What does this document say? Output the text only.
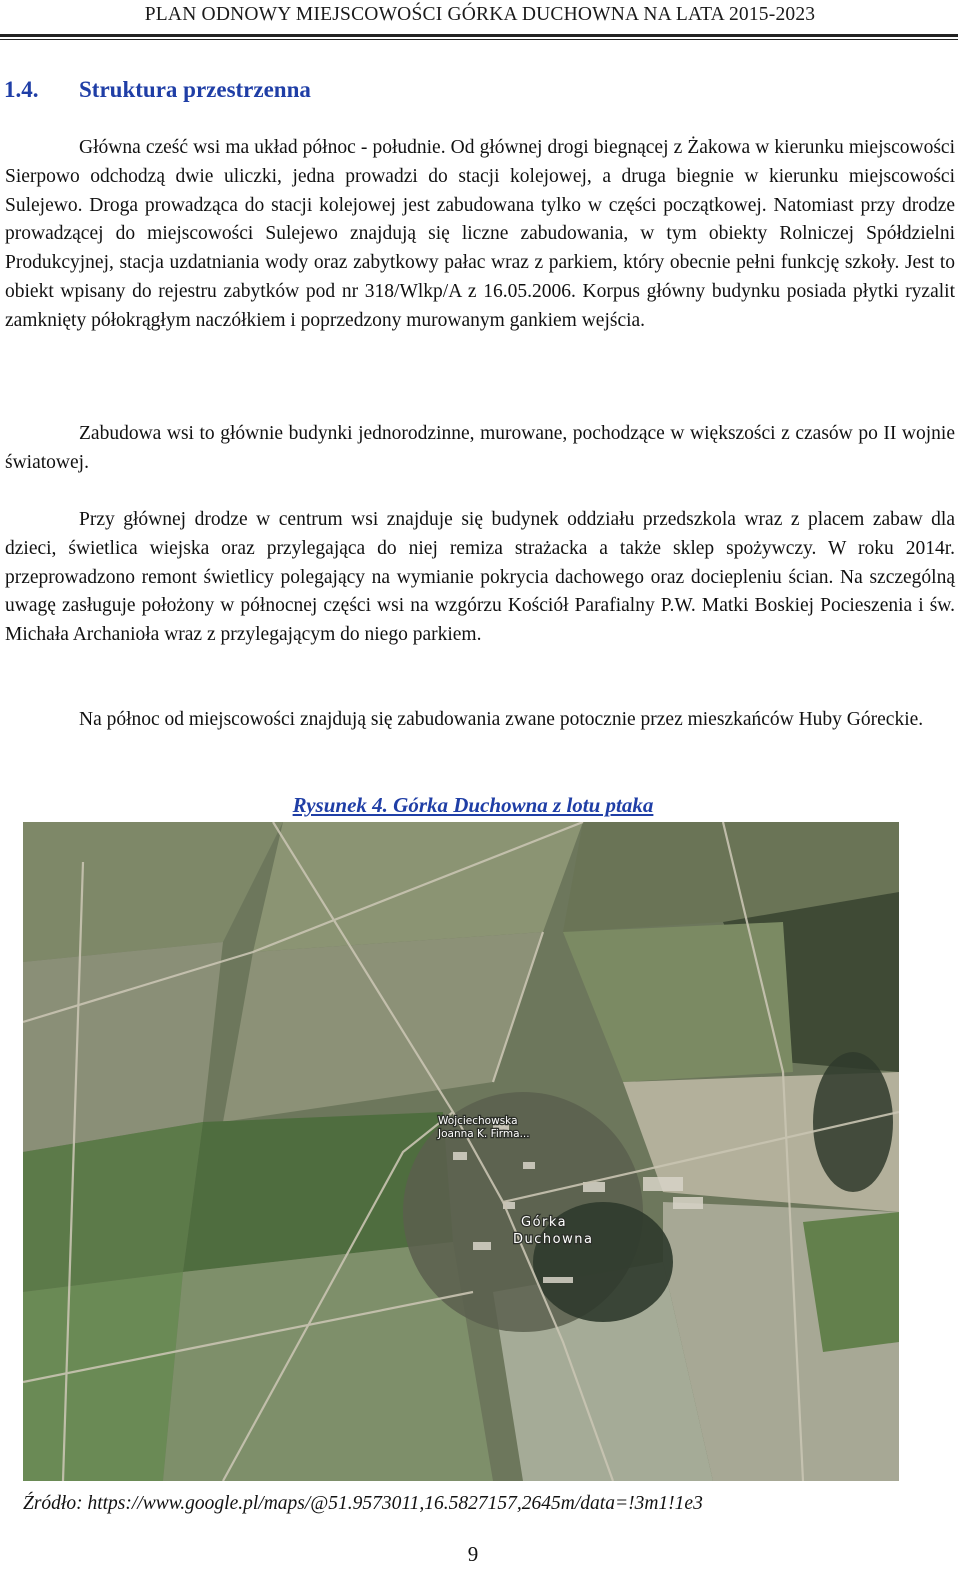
PLAN ODNOWY MIEJSCOWOŚCI GÓRKA DUCHOWNA NA LATA 2015-2023
1.4. Struktura przestrzenna

Główna cześć wsi ma układ północ - południe. Od głównej drogi biegnącej z Żakowa w kierunku miejscowości Sierpowo odchodzą dwie uliczki, jedna prowadzi do stacji kolejowej, a druga biegnie w kierunku miejscowości Sulejewo. Droga prowadząca do stacji kolejowej jest zabudowana tylko w części początkowej. Natomiast przy drodze prowadzącej do miejscowości Sulejewo znajdują się liczne zabudowania, w tym obiekty Rolniczej Spółdzielni Produkcyjnej, stacja uzdatniania wody oraz zabytkowy pałac wraz z parkiem, który obecnie pełni funkcję szkoły. Jest to obiekt wpisany do rejestru zabytków pod nr 318/Wlkp/A z 16.05.2006. Korpus główny budynku posiada płytki ryzalit zamknięty półokrągłym naczółkiem i poprzedzony murowanym gankiem wejścia.

Zabudowa wsi to głównie budynki jednorodzinne, murowane, pochodzące w większości z czasów po II wojnie światowej.

Przy głównej drodze w centrum wsi znajduje się budynek oddziału przedszkola wraz z placem zabaw dla dzieci, świetlica wiejska oraz przylegająca do niej remiza strażacka a także sklep spożywczy. W roku 2014r. przeprowadzono remont świetlicy polegający na wymianie pokrycia dachowego oraz dociepleniu ścian. Na szczególną uwagę zasługuje położony w północnej części wsi na wzgórzu Kościół Parafialny P.W. Matki Boskiej Pocieszenia i św. Michała Archanioła wraz z przylegającym do niego parkiem.

Na północ od miejscowości znajdują się zabudowania zwane potocznie przez mieszkańców Huby Góreckie.

Rysunek 4. Górka Duchowna z lotu ptaka
Wojciechowska
Joanna K. Firma...
Górka
Duchowna
Źródło: https://www.google.pl/maps/@51.9573011,16.5827157,2645m/data=!3m1!1e3
9
